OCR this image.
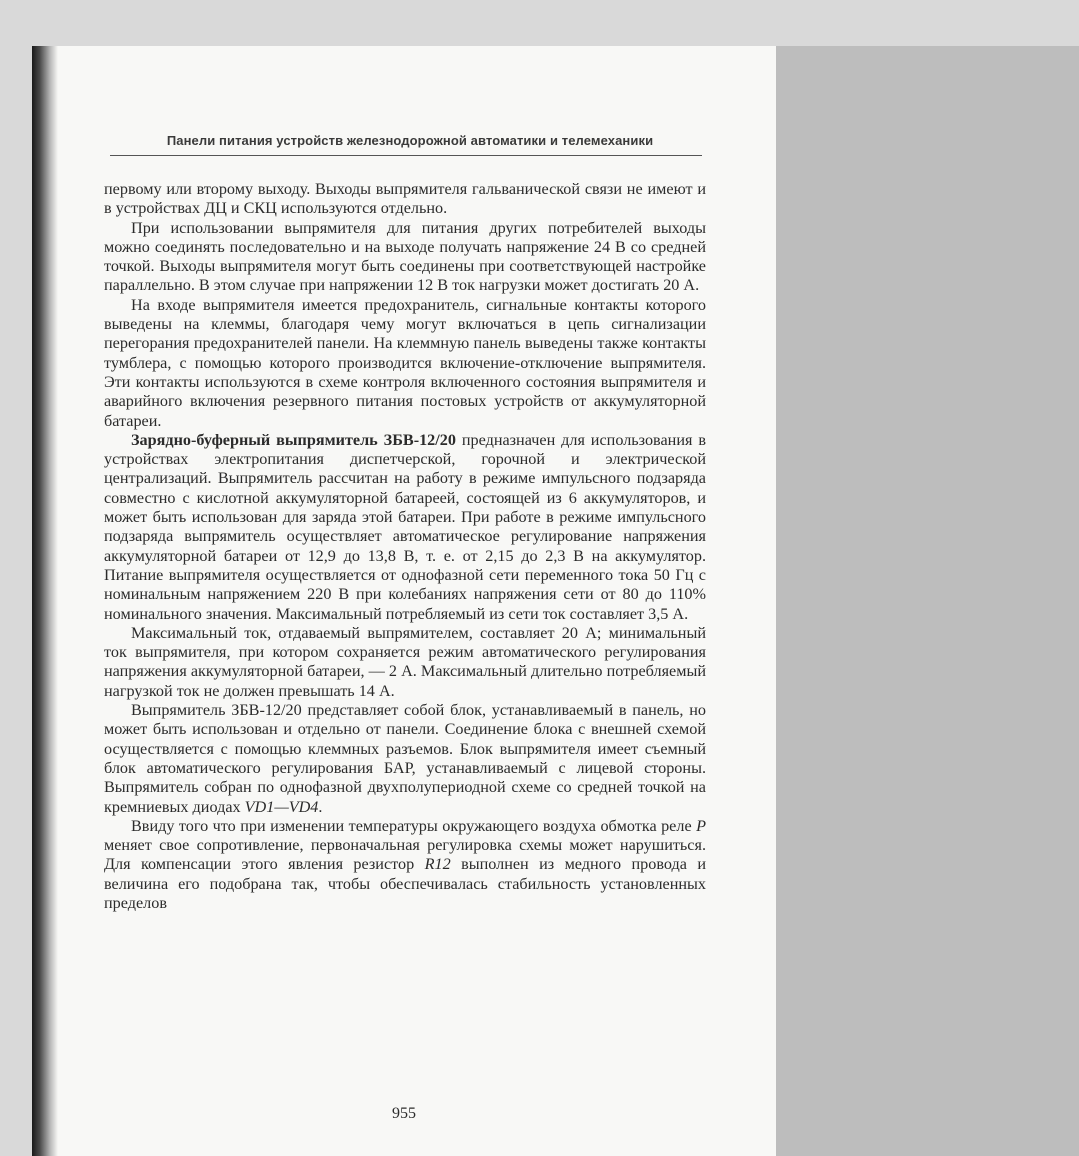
Панели питания устройств железнодорожной автоматики и телемеханики

первому или второму выходу. Выходы выпрямителя гальванической связи не имеют и в устройствах ДЦ и СКЦ используются отдельно.

При использовании выпрямителя для питания других потребителей выходы можно соединять последовательно и на выходе получать напряжение 24 В со средней точкой. Выходы выпрямителя могут быть соединены при соответствующей настройке параллельно. В этом случае при напряжении 12 В ток нагрузки может достигать 20 А.

На входе выпрямителя имеется предохранитель, сигнальные контакты которого выведены на клеммы, благодаря чему могут включаться в цепь сигнализации перегорания предохранителей панели. На клеммную панель выведены также контакты тумблера, с помощью которого производится включение-отключение выпрямителя. Эти контакты используются в схеме контроля включенного состояния выпрямителя и аварийного включения резервного питания постовых устройств от аккумуляторной батареи.

Зарядно-буферный выпрямитель ЗБВ-12/20 предназначен для использования в устройствах электропитания диспетчерской, горочной и электрической централизаций. Выпрямитель рассчитан на работу в режиме импульсного подзаряда совместно с кислотной аккумуляторной батареей, состоящей из 6 аккумуляторов, и может быть использован для заряда этой батареи. При работе в режиме импульсного подзаряда выпрямитель осуществляет автоматическое регулирование напряжения аккумуляторной батареи от 12,9 до 13,8 В, т. е. от 2,15 до 2,3 В на аккумулятор. Питание выпрямителя осуществляется от однофазной сети переменного тока 50 Гц с номинальным напряжением 220 В при колебаниях напряжения сети от 80 до 110% номинального значения. Максимальный потребляемый из сети ток составляет 3,5 А.

Максимальный ток, отдаваемый выпрямителем, составляет 20 А; минимальный ток выпрямителя, при котором сохраняется режим автоматического регулирования напряжения аккумуляторной батареи, — 2 А. Максимальный длительно потребляемый нагрузкой ток не должен превышать 14 А.

Выпрямитель ЗБВ-12/20 представляет собой блок, устанавливаемый в панель, но может быть использован и отдельно от панели. Соединение блока с внешней схемой осуществляется с помощью клеммных разъемов. Блок выпрямителя имеет съемный блок автоматического регулирования БАР, устанавливаемый с лицевой стороны. Выпрямитель собран по однофазной двухполупериодной схеме со средней точкой на кремниевых диодах VD1—VD4.

Ввиду того что при изменении температуры окружающего воздуха обмотка реле P меняет свое сопротивление, первоначальная регулировка схемы может нарушиться. Для компенсации этого явления резистор R12 выполнен из медного провода и величина его подобрана так, чтобы обеспечивалась стабильность установленных пределов

955
